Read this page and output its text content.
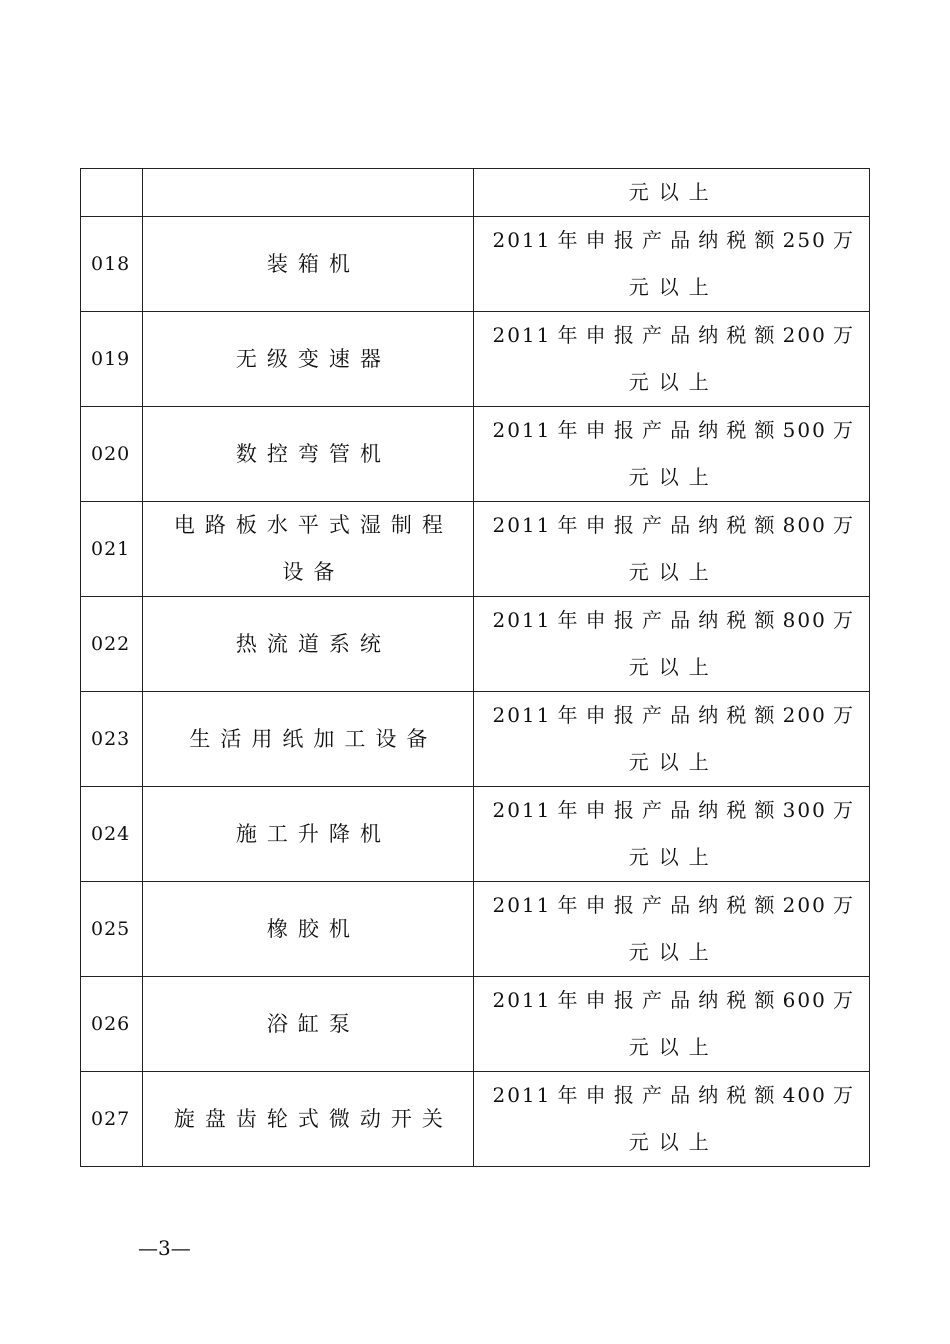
		元以上

018	装箱机	2011年申报产品纳税额250万
元以上

019	无级变速器	2011年申报产品纳税额200万
元以上

020	数控弯管机	2011年申报产品纳税额500万
元以上

021	电路板水平式湿制程设备	2011年申报产品纳税额800万
元以上

022	热流道系统	2011年申报产品纳税额800万
元以上

023	生活用纸加工设备	2011年申报产品纳税额200万
元以上

024	施工升降机	2011年申报产品纳税额300万
元以上

025	橡胶机	2011年申报产品纳税额200万
元以上

026	浴缸泵	2011年申报产品纳税额600万
元以上

027	旋盘齿轮式微动开关	2011年申报产品纳税额400万
元以上
—3—
